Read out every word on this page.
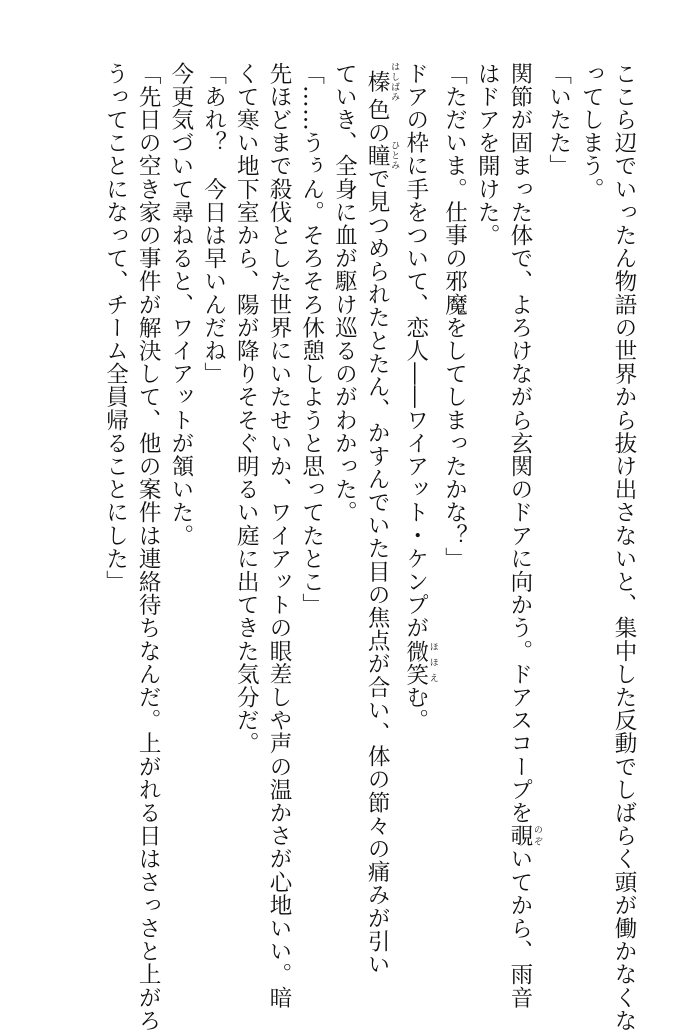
ここら辺でいったん物語の世界から抜け出さないと、集中した反動でしばらく頭が働かなくな
ってしまう。
「いたた」
関節が固まった体で、よろけながら玄関のドアに向かう。ドアスコープを覗 のぞいてから、雨音
はドアを開けた。
「ただいま。仕事の邪魔をしてしまったかな？」
ドアの枠に手をついて、恋人――ワイアット・ケンプが微笑 ほほえむ。
榛 はしばみ色の瞳 ひとみで見つめられたとたん、かすんでいた目の焦点が合い、体の節々の痛みが引い
ていき、全身に血が駆け巡るのがわかった。
「……うぅん。そろそろ休憩しようと思ってたとこ」
先ほどまで殺伐とした世界にいたせいか、ワイアットの眼差しや声の温かさが心地いい。暗
くて寒い地下室から、陽が降りそそぐ明るい庭に出てきた気分だ。
「あれ？　今日は早いんだね」
今更気づいて尋ねると、ワイアットが頷いた。
「先日の空き家の事件が解決して、他の案件は連絡待ちなんだ。上がれる日はさっさと上がろ
うってことになって、チーム全員帰ることにした」
